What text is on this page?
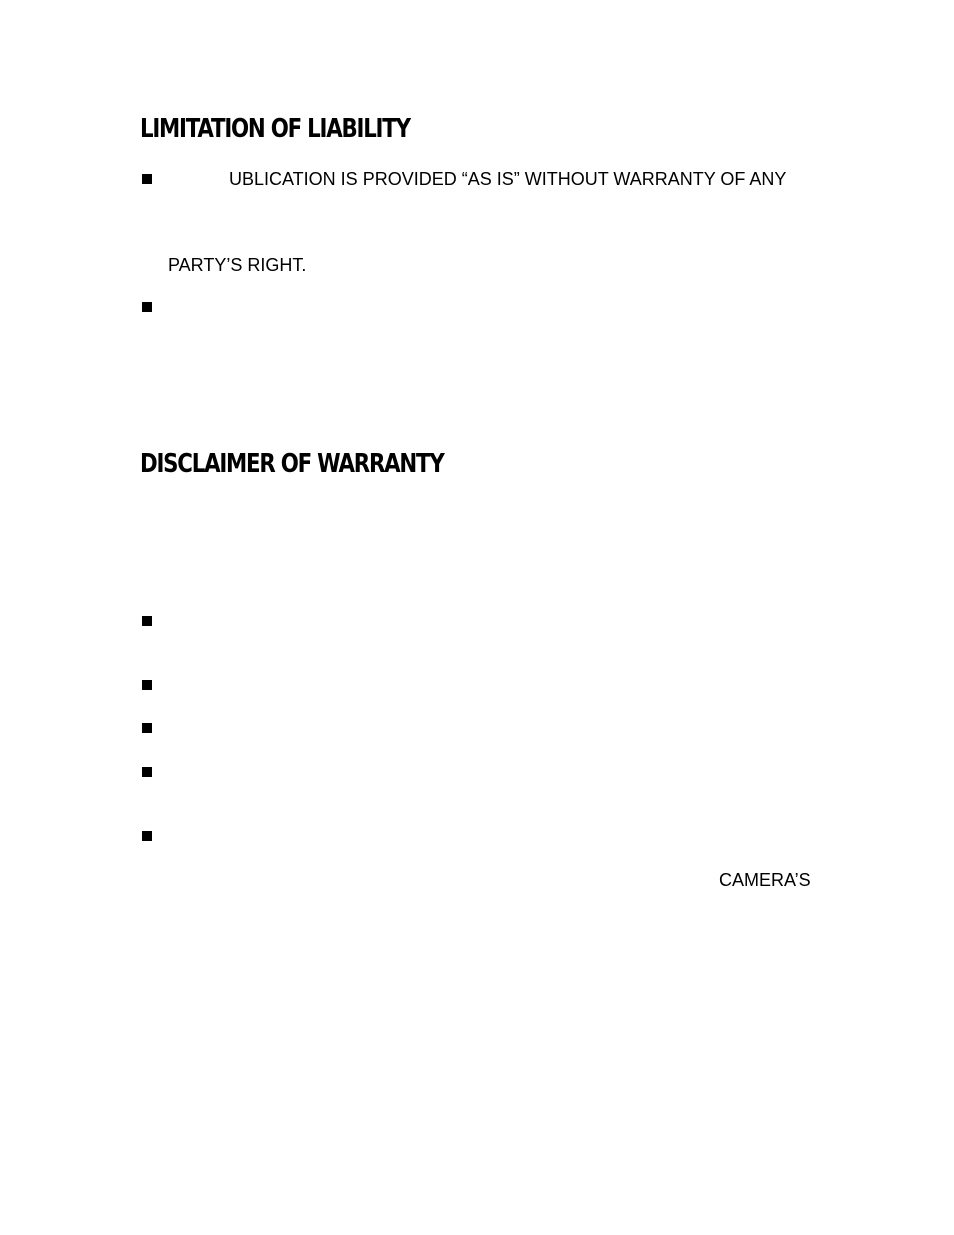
LIMITATION OF LIABILITY
UBLICATION IS PROVIDED “AS IS” WITHOUT WARRANTY OF ANY
PARTY’S RIGHT.
DISCLAIMER OF WARRANTY
CAMERA’S
